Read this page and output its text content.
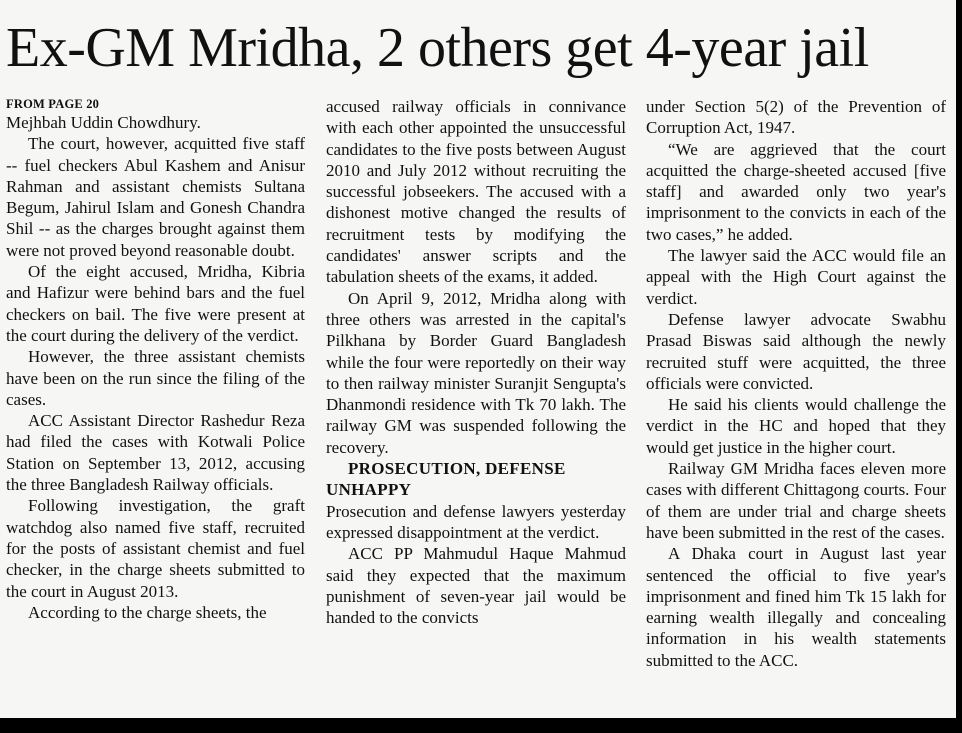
Ex-GM Mridha, 2 others get 4-year jail
FROM PAGE 20

Mejhbah Uddin Chowdhury.

The court, however, acquitted five staff -- fuel checkers Abul Kashem and Anisur Rahman and assistant chemists Sultana Begum, Jahirul Islam and Gonesh Chandra Shil -- as the charges brought against them were not proved beyond reasonable doubt.

Of the eight accused, Mridha, Kibria and Hafizur were behind bars and the fuel checkers on bail. The five were present at the court during the delivery of the verdict.

However, the three assistant chemists have been on the run since the filing of the cases.

ACC Assistant Director Rashedur Reza had filed the cases with Kotwali Police Station on September 13, 2012, accusing the three Bangladesh Railway officials.

Following investigation, the graft watchdog also named five staff, recruited for the posts of assistant chemist and fuel checker, in the charge sheets submitted to the court in August 2013.

According to the charge sheets, the

accused railway officials in connivance with each other appointed the unsuccessful candidates to the five posts between August 2010 and July 2012 without recruiting the successful jobseekers. The accused with a dishonest motive changed the results of recruitment tests by modifying the candidates' answer scripts and the tabulation sheets of the exams, it added.

On April 9, 2012, Mridha along with three others was arrested in the capital's Pilkhana by Border Guard Bangladesh while the four were reportedly on their way to then railway minister Suranjit Sengupta's Dhanmondi residence with Tk 70 lakh. The railway GM was suspended following the recovery.

PROSECUTION, DEFENSE UNHAPPY

Prosecution and defense lawyers yesterday expressed disappointment at the verdict.

ACC PP Mahmudul Haque Mahmud said they expected that the maximum punishment of seven-year jail would be handed to the convicts

under Section 5(2) of the Prevention of Corruption Act, 1947.

“We are aggrieved that the court acquitted the charge-sheeted accused [five staff] and awarded only two year's imprisonment to the convicts in each of the two cases,” he added.

The lawyer said the ACC would file an appeal with the High Court against the verdict.

Defense lawyer advocate Swabhu Prasad Biswas said although the newly recruited stuff were acquitted, the three officials were convicted.

He said his clients would challenge the verdict in the HC and hoped that they would get justice in the higher court.

Railway GM Mridha faces eleven more cases with different Chittagong courts. Four of them are under trial and charge sheets have been submitted in the rest of the cases.

A Dhaka court in August last year sentenced the official to five year's imprisonment and fined him Tk 15 lakh for earning wealth illegally and concealing information in his wealth statements submitted to the ACC.
